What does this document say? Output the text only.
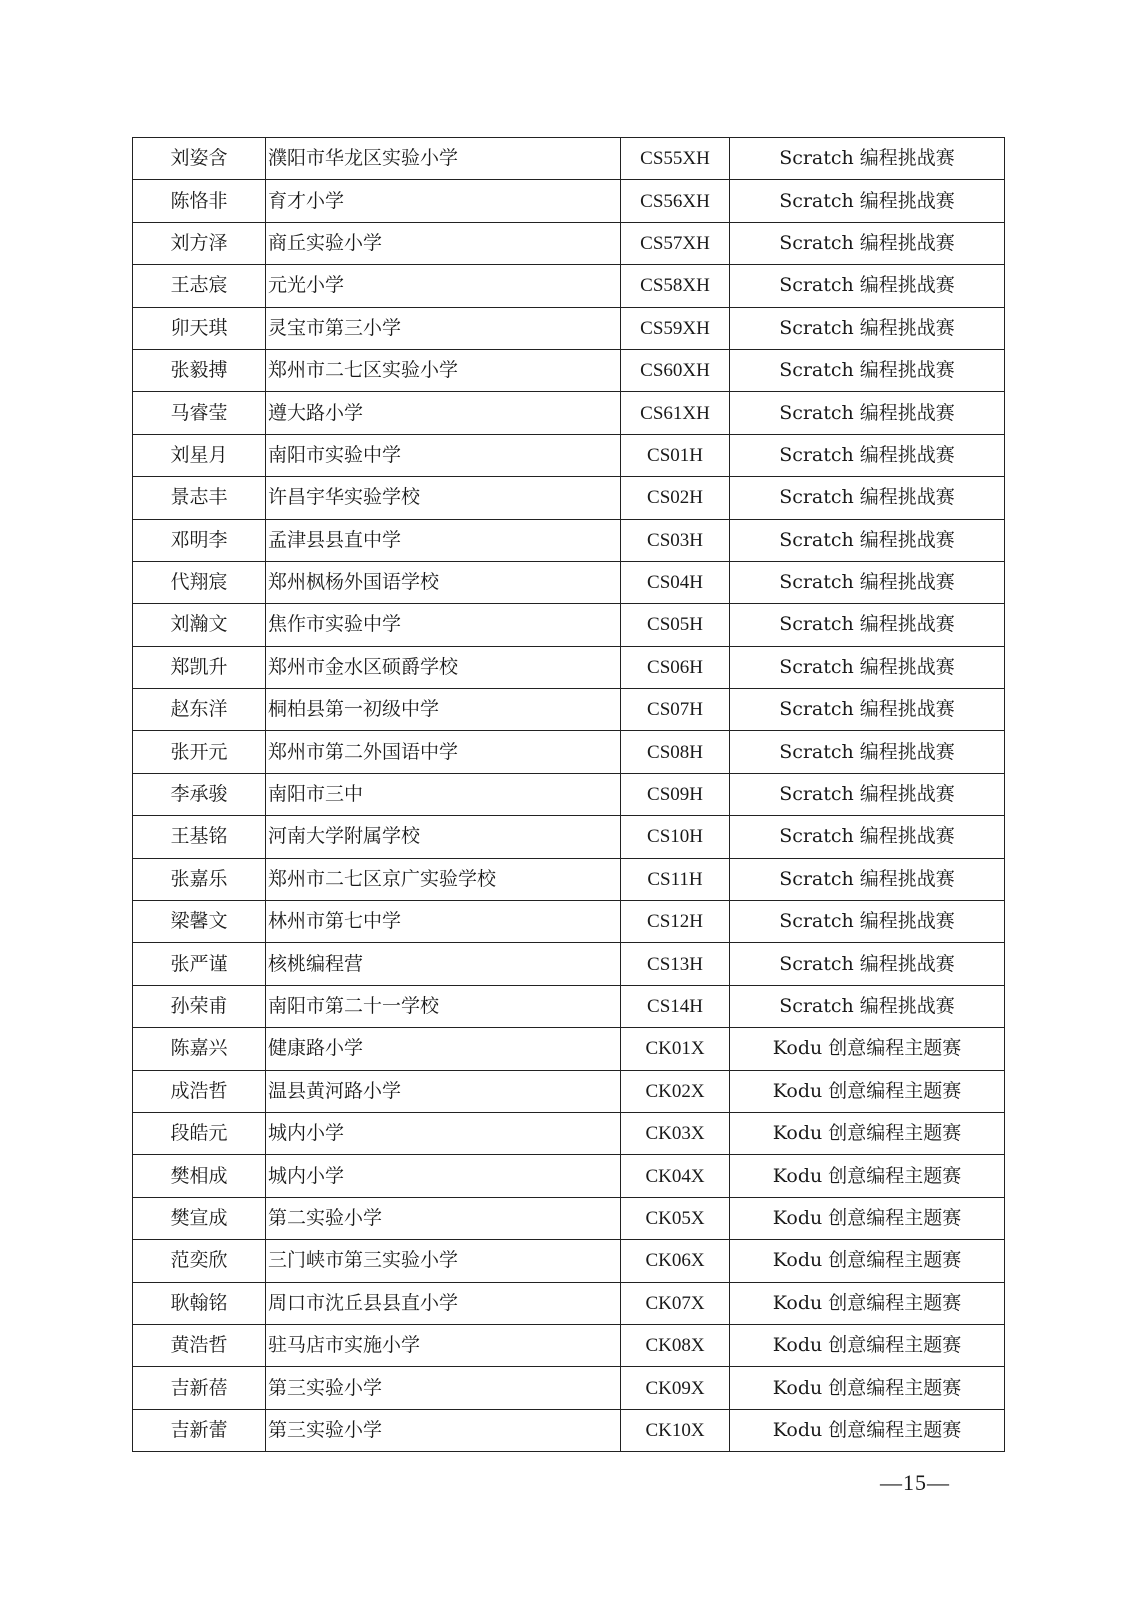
刘姿含	濮阳市华龙区实验小学	CS55XH	Scratch 编程挑战赛
陈恪非	育才小学	CS56XH	Scratch 编程挑战赛
刘方泽	商丘实验小学	CS57XH	Scratch 编程挑战赛
王志宸	元光小学	CS58XH	Scratch 编程挑战赛
卯天琪	灵宝市第三小学	CS59XH	Scratch 编程挑战赛
张毅搏	郑州市二七区实验小学	CS60XH	Scratch 编程挑战赛
马睿莹	遵大路小学	CS61XH	Scratch 编程挑战赛
刘星月	南阳市实验中学	CS01H	Scratch 编程挑战赛
景志丰	许昌宇华实验学校	CS02H	Scratch 编程挑战赛
邓明李	孟津县县直中学	CS03H	Scratch 编程挑战赛
代翔宸	郑州枫杨外国语学校	CS04H	Scratch 编程挑战赛
刘瀚文	焦作市实验中学	CS05H	Scratch 编程挑战赛
郑凯升	郑州市金水区硕爵学校	CS06H	Scratch 编程挑战赛
赵东洋	桐柏县第一初级中学	CS07H	Scratch 编程挑战赛
张开元	郑州市第二外国语中学	CS08H	Scratch 编程挑战赛
李承骏	南阳市三中	CS09H	Scratch 编程挑战赛
王基铭	河南大学附属学校	CS10H	Scratch 编程挑战赛
张嘉乐	郑州市二七区京广实验学校	CS11H	Scratch 编程挑战赛
梁馨文	林州市第七中学	CS12H	Scratch 编程挑战赛
张严谨	核桃编程营	CS13H	Scratch 编程挑战赛
孙荣甫	南阳市第二十一学校	CS14H	Scratch 编程挑战赛
陈嘉兴	健康路小学	CK01X	Kodu 创意编程主题赛
成浩哲	温县黄河路小学	CK02X	Kodu 创意编程主题赛
段皓元	城内小学	CK03X	Kodu 创意编程主题赛
樊相成	城内小学	CK04X	Kodu 创意编程主题赛
樊宣成	第二实验小学	CK05X	Kodu 创意编程主题赛
范奕欣	三门峡市第三实验小学	CK06X	Kodu 创意编程主题赛
耿翰铭	周口市沈丘县县直小学	CK07X	Kodu 创意编程主题赛
黄浩哲	驻马店市实施小学	CK08X	Kodu 创意编程主题赛
吉新蓓	第三实验小学	CK09X	Kodu 创意编程主题赛
吉新蕾	第三实验小学	CK10X	Kodu 创意编程主题赛
—15—
